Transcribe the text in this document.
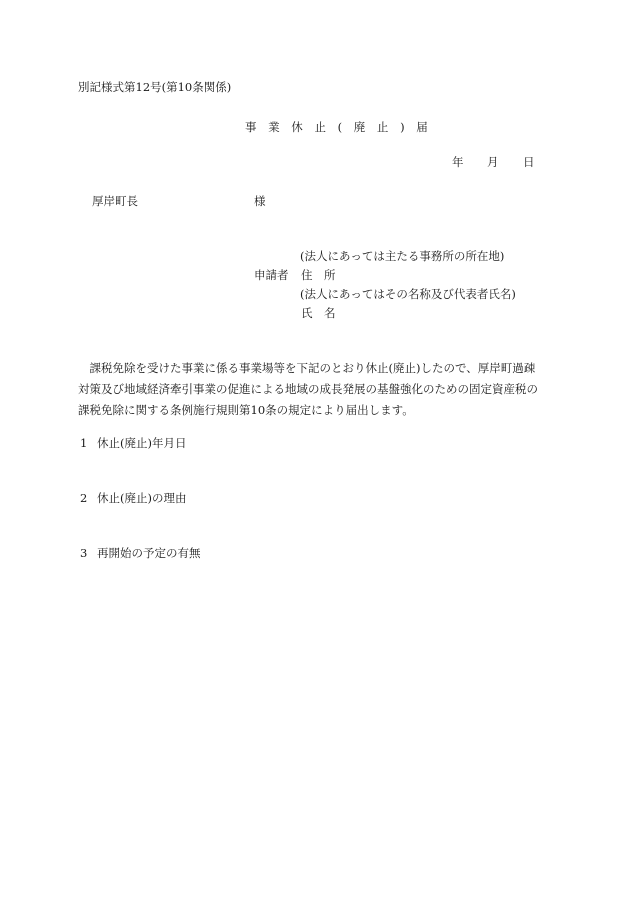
別記様式第12号(第10条関係)
事 業 休 止 ( 廃 止 ) 届
年 月 日
厚岸町長	様
(法人にあっては主たる事務所の所在地)
申請者 住　所
(法人にあってはその名称及び代表者氏名)
氏　名
　課税免除を受けた事業に係る事業場等を下記のとおり休止(廃止)したので、厚岸町過疎
対策及び地域経済牽引事業の促進による地域の成長発展の基盤強化のための固定資産税の
課税免除に関する条例施行規則第10条の規定により届出します。
1 休止(廃止)年月日
2 休止(廃止)の理由
3 再開始の予定の有無
